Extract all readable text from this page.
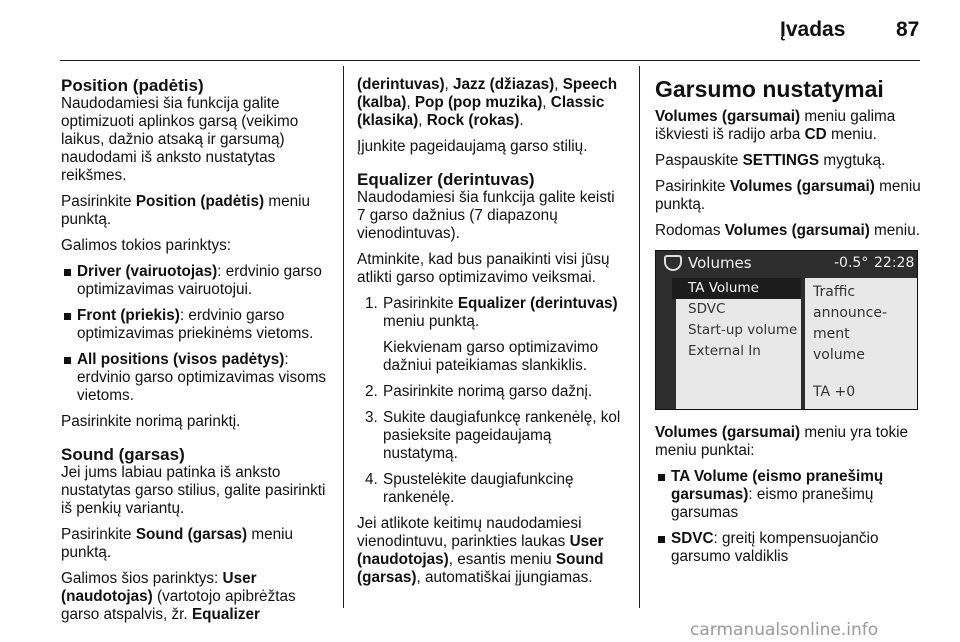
Įvadas 87
Position (padėtis)

Naudodamiesi šia funkcija galite optimizuoti aplinkos garsą (veikimo laikus, dažnio atsaką ir garsumą) naudodami iš anksto nustatytas reikšmes.

Pasirinkite Position (padėtis) meniu punktą.

Galimos tokios parinktys:

Driver (vairuotojas): erdvinio garso optimizavimas vairuotojui.
Front (priekis): erdvinio garso optimizavimas priekinėms vietoms.
All positions (visos padėtys): erdvinio garso optimizavimas visoms vietoms.

Pasirinkite norimą parinktį.

Sound (garsas)

Jei jums labiau patinka iš anksto nustatytas garso stilius, galite pasirinkti iš penkių variantų.

Pasirinkite Sound (garsas) meniu punktą.

Galimos šios parinktys: User (naudotojas) (vartotojo apibrėžtas garso atspalvis, žr. Equalizer

(derintuvas), Jazz (džiazas), Speech (kalba), Pop (pop muzika), Classic (klasika), Rock (rokas).

Įjunkite pageidaujamą garso stilių.

Equalizer (derintuvas)

Naudodamiesi šia funkcija galite keisti 7 garso dažnius (7 diapazonų vienodintuvas).

Atminkite, kad bus panaikinti visi jūsų atlikti garso optimizavimo veiksmai.

1. Pasirinkite Equalizer (derintuvas) meniu punktą.

Kiekvienam garso optimizavimo dažniui pateikiamas slankiklis.

2. Pasirinkite norimą garso dažnį.
3. Sukite daugiafunkcę rankenėlę, kol pasieksite pageidaujamą nustatymą.
4. Spustelėkite daugiafunkcinę rankenėlę.

Jei atlikote keitimų naudodamiesi vienodintuvu, parinkties laukas User (naudotojas), esantis meniu Sound (garsas), automatiškai įjungiamas.

Garsumo nustatymai

Volumes (garsumai) meniu galima iškviesti iš radijo arba CD meniu.

Paspauskite SETTINGS mygtuką.

Pasirinkite Volumes (garsumai) meniu punktą.

Rodomas Volumes (garsumai) meniu.

Volumes	-0.5° 22:28
TA Volume
SDVC
Start-up volume
External In
Traffic
announce-
ment
volume
TA +0

Volumes (garsumai) meniu yra tokie meniu punktai:

TA Volume (eismo pranešimų garsumas): eismo pranešimų garsumas
SDVC: greitį kompensuojančio garsumo valdiklis
carmanualsonline.info
